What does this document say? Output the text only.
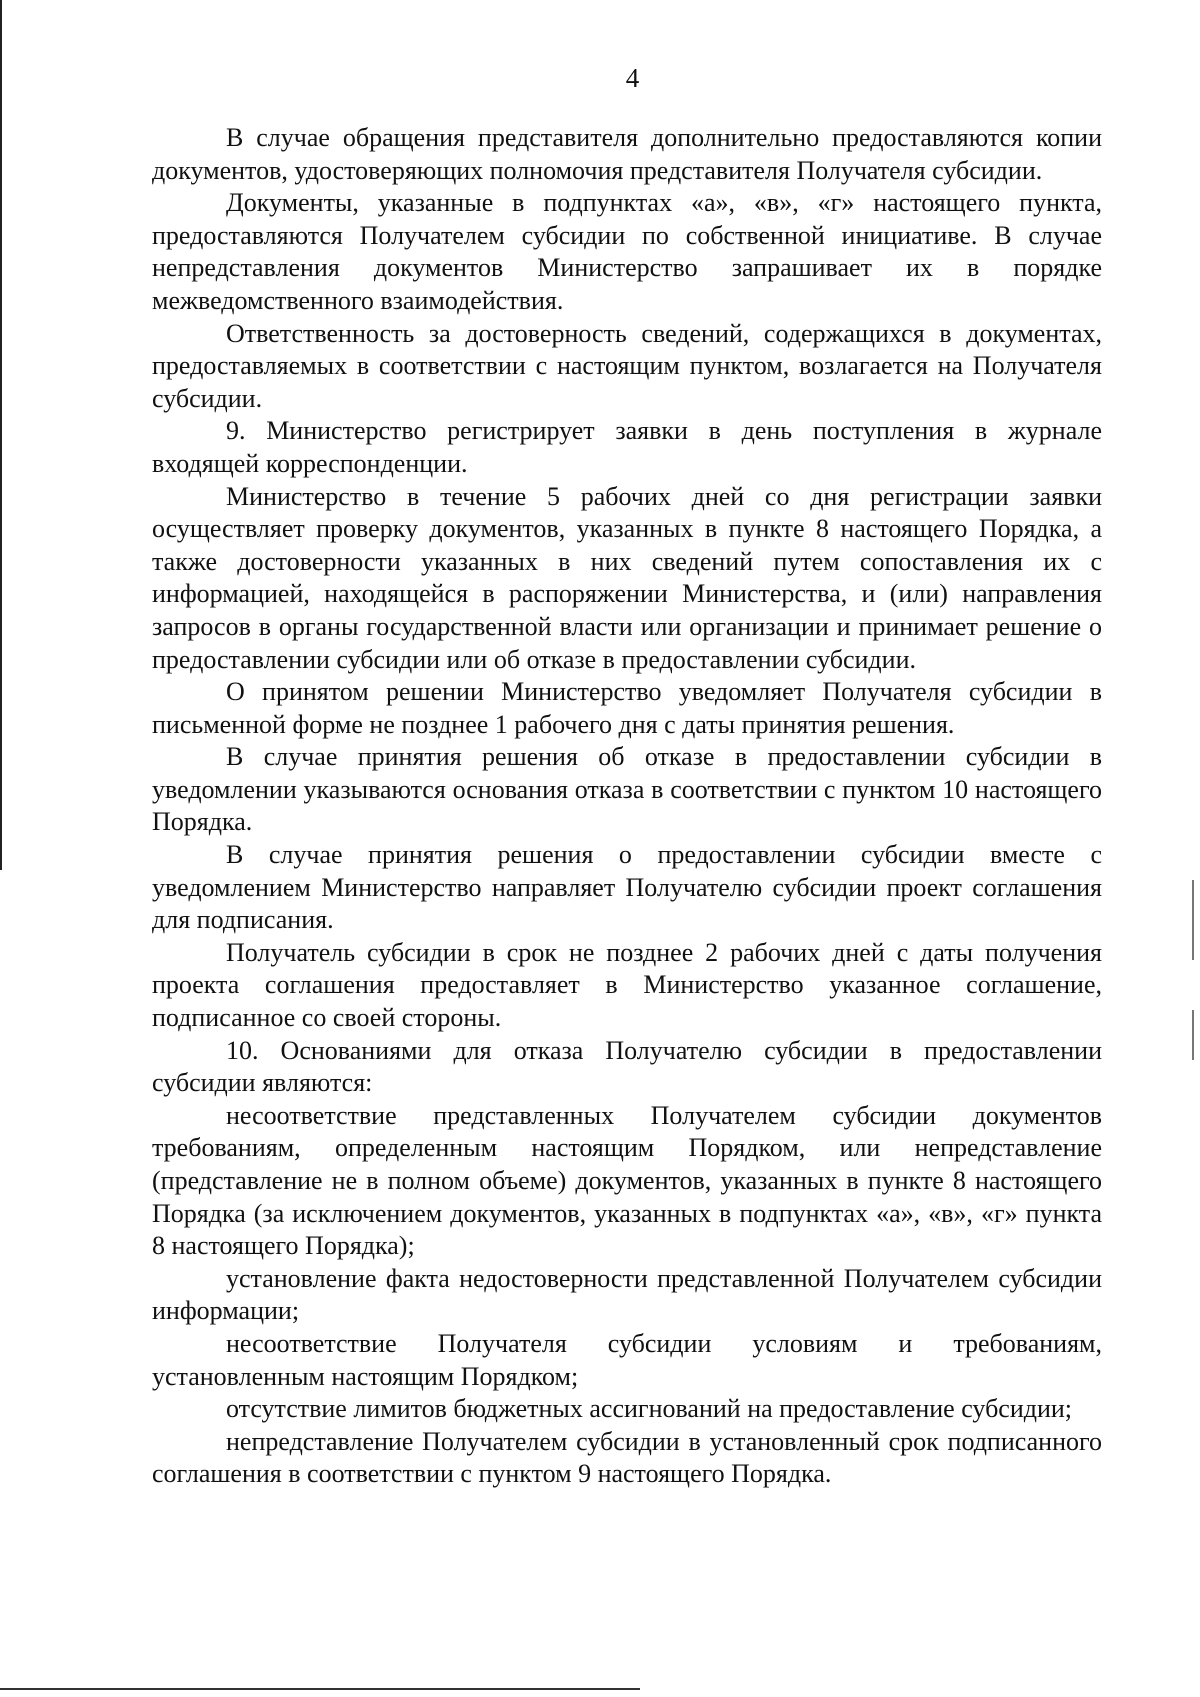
4

В случае обращения представителя дополнительно предоставляются копии документов, удостоверяющих полномочия представителя Получателя субсидии.

Документы, указанные в подпунктах «а», «в», «г» настоящего пункта, предоставляются Получателем субсидии по собственной инициативе. В случае непредставления документов Министерство запрашивает их в порядке межведомственного взаимодействия.

Ответственность за достоверность сведений, содержащихся в документах, предоставляемых в соответствии с настоящим пунктом, возлагается на Получателя субсидии.

9. Министерство регистрирует заявки в день поступления в журнале входящей корреспонденции.

Министерство в течение 5 рабочих дней со дня регистрации заявки осуществляет проверку документов, указанных в пункте 8 настоящего Порядка, а также достоверности указанных в них сведений путем сопоставления их с информацией, находящейся в распоряжении Министерства, и (или) направления запросов в органы государственной власти или организации и принимает решение о предоставлении субсидии или об отказе в предоставлении субсидии.

О принятом решении Министерство уведомляет Получателя субсидии в письменной форме не позднее 1 рабочего дня с даты принятия решения.

В случае принятия решения об отказе в предоставлении субсидии в уведомлении указываются основания отказа в соответствии с пунктом 10 настоящего Порядка.

В случае принятия решения о предоставлении субсидии вместе с уведомлением Министерство направляет Получателю субсидии проект соглашения для подписания.

Получатель субсидии в срок не позднее 2 рабочих дней с даты получения проекта соглашения предоставляет в Министерство указанное соглашение, подписанное со своей стороны.

10. Основаниями для отказа Получателю субсидии в предоставлении субсидии являются:

несоответствие представленных Получателем субсидии документов требованиям, определенным настоящим Порядком, или непредставление (представление не в полном объеме) документов, указанных в пункте 8 настоящего Порядка (за исключением документов, указанных в подпунктах «а», «в», «г» пункта 8 настоящего Порядка);

установление факта недостоверности представленной Получателем субсидии информации;

несоответствие Получателя субсидии условиям и требованиям, установленным настоящим Порядком;

отсутствие лимитов бюджетных ассигнований на предоставление субсидии;

непредставление Получателем субсидии в установленный срок подписанного соглашения в соответствии с пунктом 9 настоящего Порядка.
